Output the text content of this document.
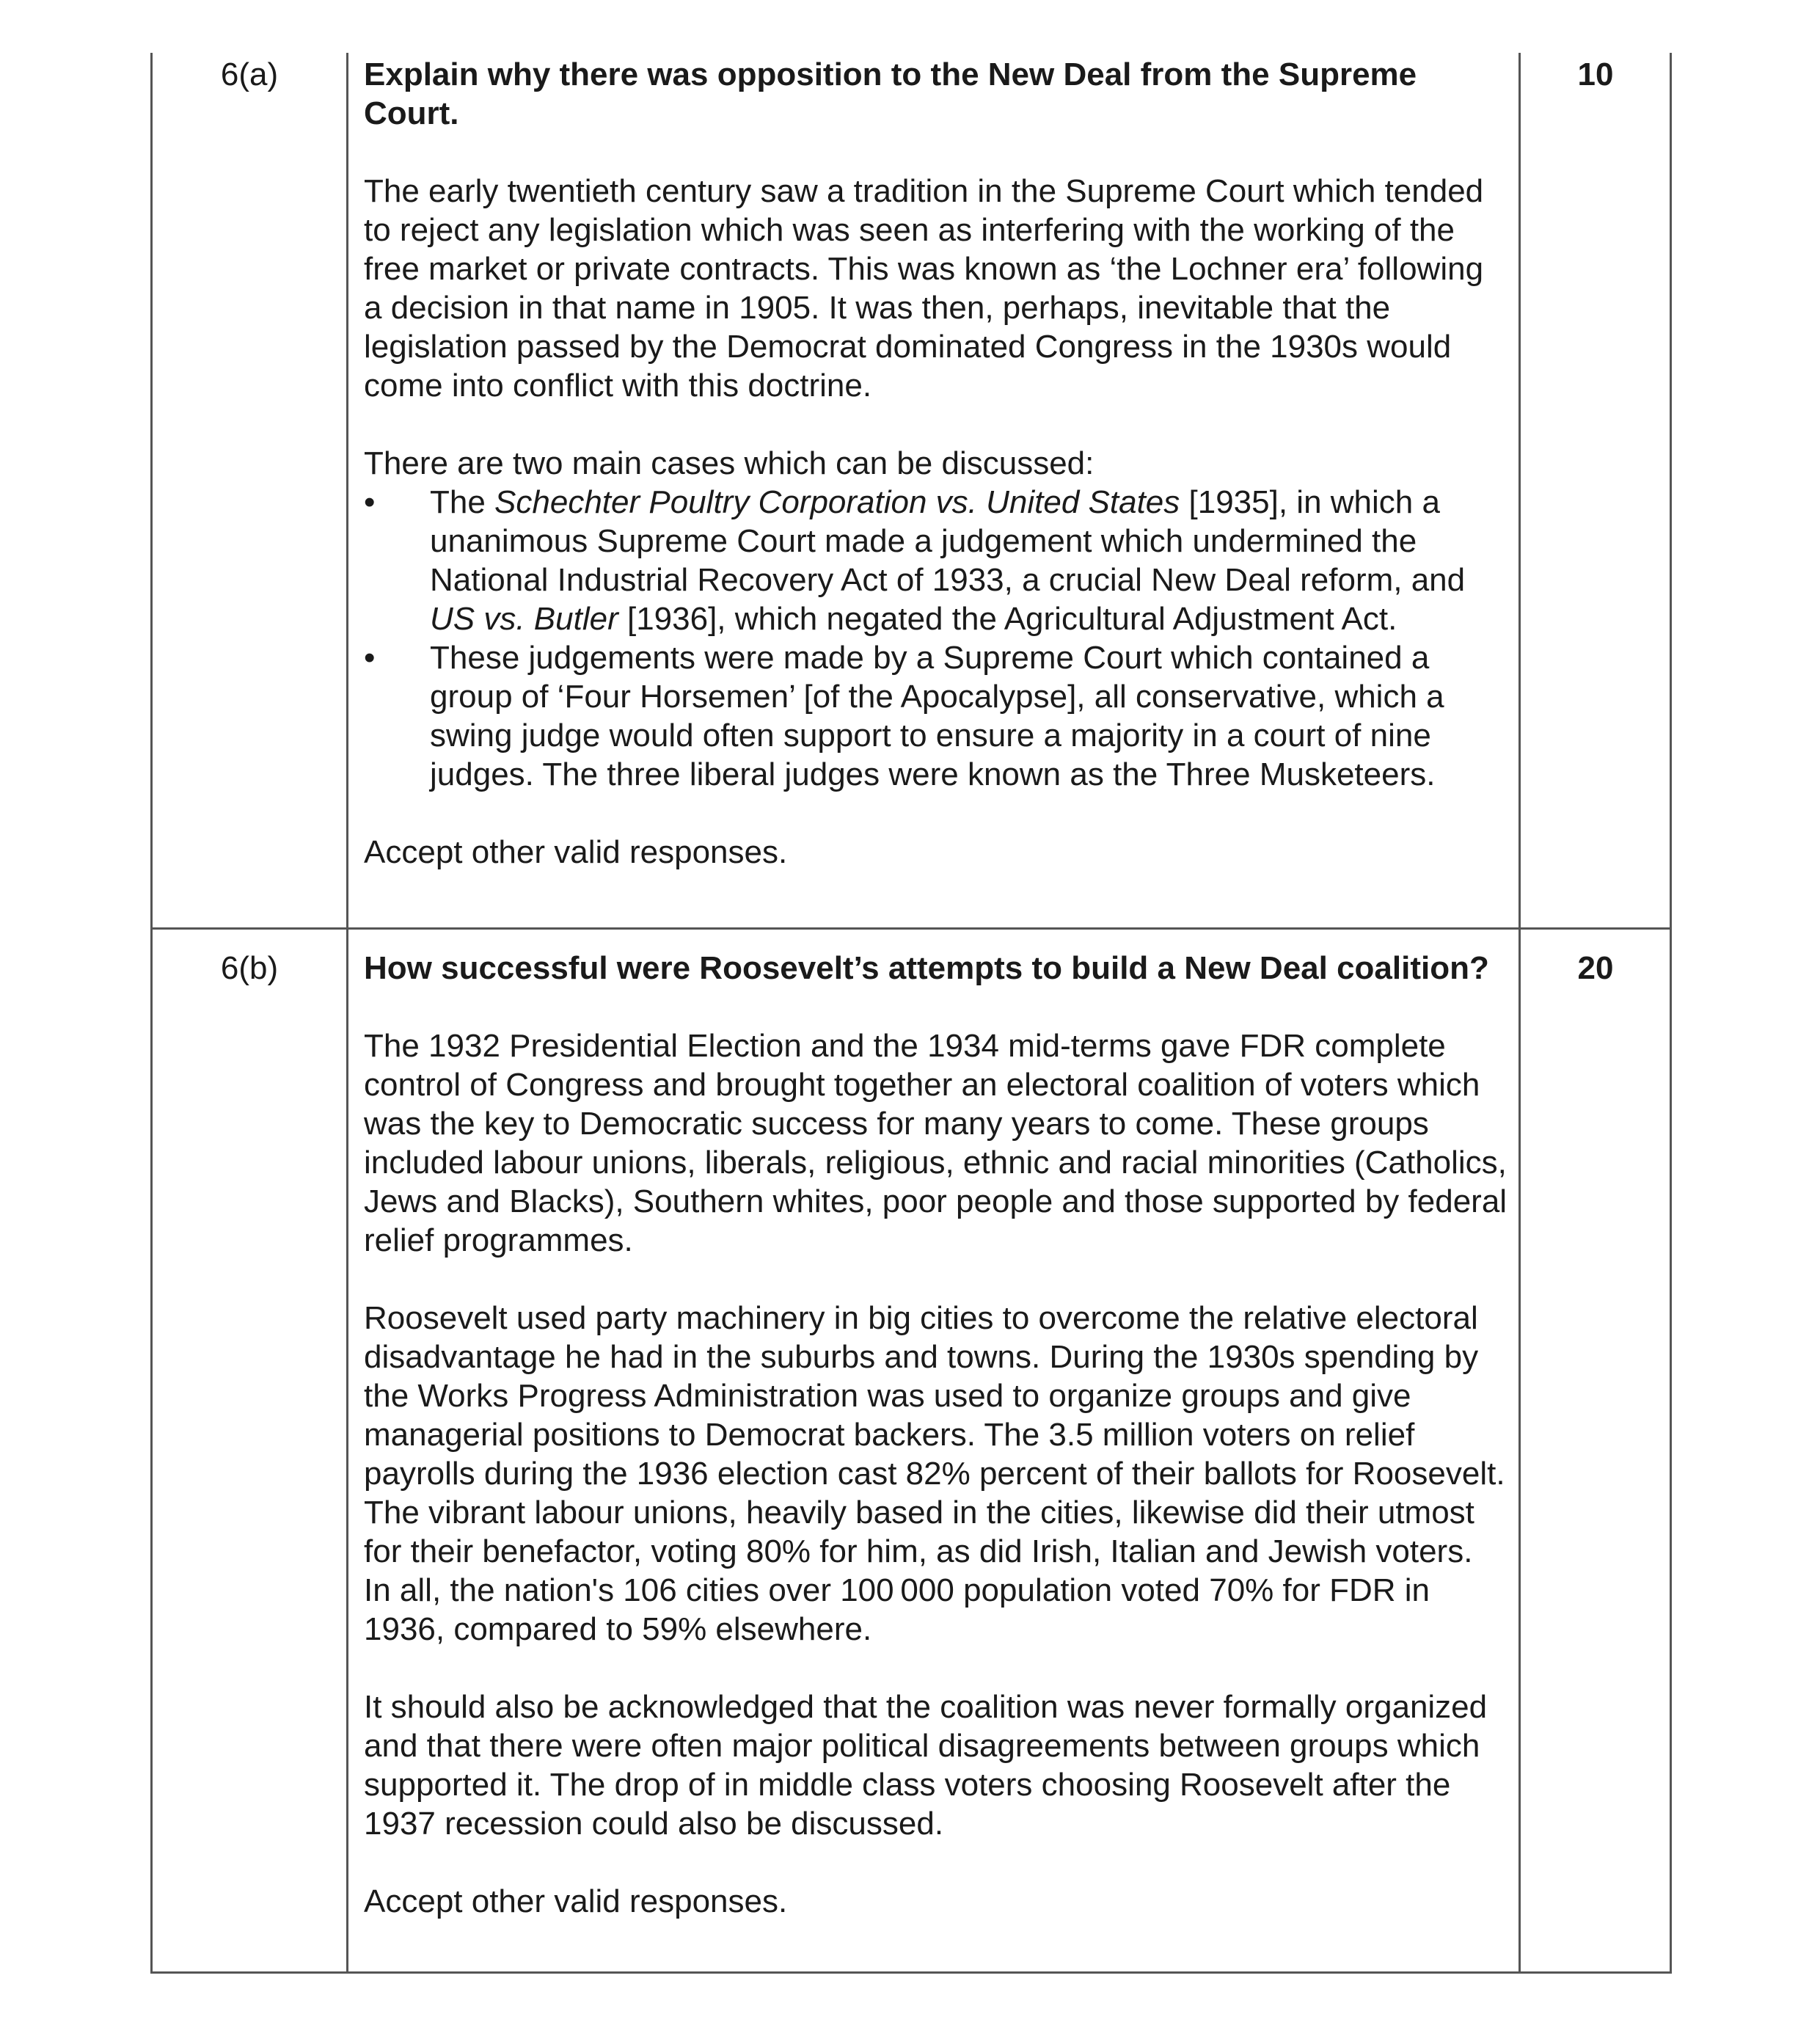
6(a)	10

Explain why there was opposition to the New Deal from the Supreme Court.

The early twentieth century saw a tradition in the Supreme Court which tended to reject any legislation which was seen as interfering with the working of the free market or private contracts. This was known as ‘the Lochner era’ following a decision in that name in 1905. It was then, perhaps, inevitable that the legislation passed by the Democrat dominated Congress in the 1930s would come into conflict with this doctrine.

There are two main cases which can be discussed:

• The Schechter Poultry Corporation vs. United States [1935], in which a unanimous Supreme Court made a judgement which undermined the National Industrial Recovery Act of 1933, a crucial New Deal reform, and US vs. Butler [1936], which negated the Agricultural Adjustment Act.
• These judgements were made by a Supreme Court which contained a group of ‘Four Horsemen’ [of the Apocalypse], all conservative, which a swing judge would often support to ensure a majority in a court of nine judges. The three liberal judges were known as the Three Musketeers.

Accept other valid responses.

6(b)	20

How successful were Roosevelt’s attempts to build a New Deal coalition?

The 1932 Presidential Election and the 1934 mid-terms gave FDR complete control of Congress and brought together an electoral coalition of voters which was the key to Democratic success for many years to come. These groups included labour unions, liberals, religious, ethnic and racial minorities (Catholics, Jews and Blacks), Southern whites, poor people and those supported by federal relief programmes.

Roosevelt used party machinery in big cities to overcome the relative electoral disadvantage he had in the suburbs and towns. During the 1930s spending by the Works Progress Administration was used to organize groups and give managerial positions to Democrat backers. The 3.5 million voters on relief payrolls during the 1936 election cast 82% percent of their ballots for Roosevelt. The vibrant labour unions, heavily based in the cities, likewise did their utmost for their benefactor, voting 80% for him, as did Irish, Italian and Jewish voters. In all, the nation's 106 cities over 100 000 population voted 70% for FDR in 1936, compared to 59% elsewhere.

It should also be acknowledged that the coalition was never formally organized and that there were often major political disagreements between groups which supported it. The drop of in middle class voters choosing Roosevelt after the 1937 recession could also be discussed.

Accept other valid responses.
